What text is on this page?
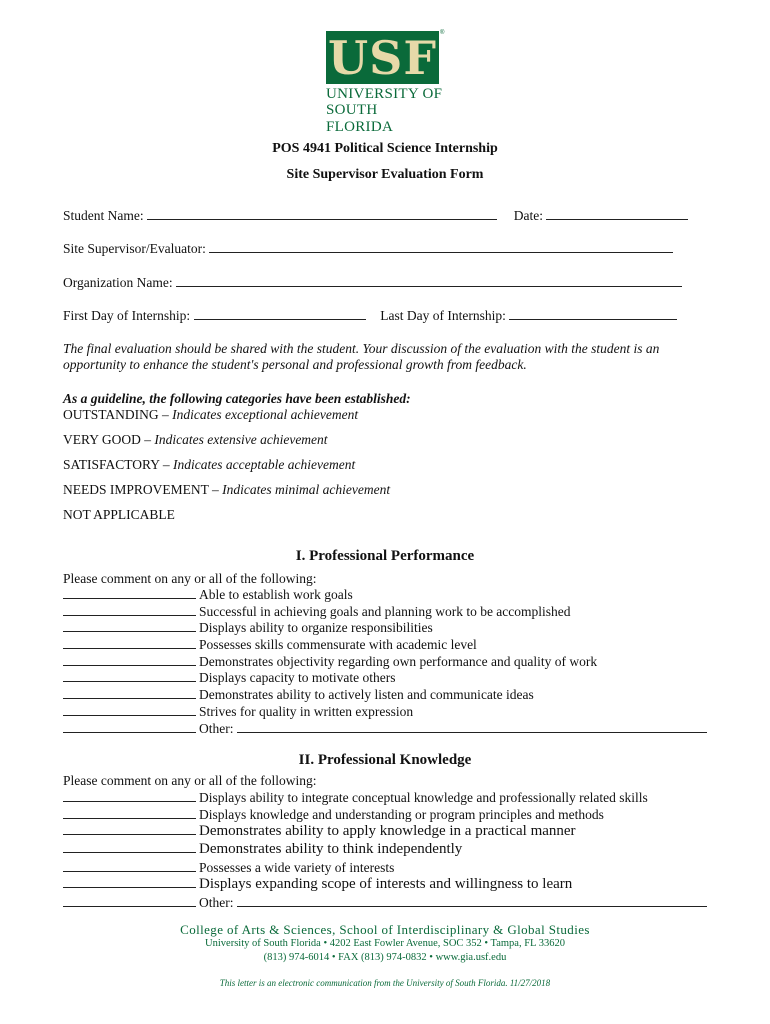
USF ®
UNIVERSITY OF
SOUTH FLORIDA
POS 4941 Political Science Internship
Site Supervisor Evaluation Form
Student Name:	Date:
Site Supervisor/Evaluator:
Organization Name:
First Day of Internship:	Last Day of Internship:
The final evaluation should be shared with the student. Your discussion of the evaluation with the student is an opportunity to enhance the student's personal and professional growth from feedback.
As a guideline, the following categories have been established:
OUTSTANDING – Indicates exceptional achievement
VERY GOOD – Indicates extensive achievement
SATISFACTORY – Indicates acceptable achievement
NEEDS IMPROVEMENT – Indicates minimal achievement
NOT APPLICABLE
I. Professional Performance
Please comment on any or all of the following:
Able to establish work goals
Successful in achieving goals and planning work to be accomplished
Displays ability to organize responsibilities
Possesses skills commensurate with academic level
Demonstrates objectivity regarding own performance and quality of work
Displays capacity to motivate others
Demonstrates ability to actively listen and communicate ideas
Strives for quality in written expression
Other:
II. Professional Knowledge
Please comment on any or all of the following:
Displays ability to integrate conceptual knowledge and professionally related skills
Displays knowledge and understanding or program principles and methods
Demonstrates ability to apply knowledge in a practical manner
Demonstrates ability to think independently
Possesses a wide variety of interests
Displays expanding scope of interests and willingness to learn
Other:
College of Arts & Sciences, School of Interdisciplinary & Global Studies
University of South Florida • 4202 East Fowler Avenue, SOC 352 • Tampa, FL 33620
(813) 974-6014 • FAX (813) 974-0832 • www.gia.usf.edu
This letter is an electronic communication from the University of South Florida. 11/27/2018
